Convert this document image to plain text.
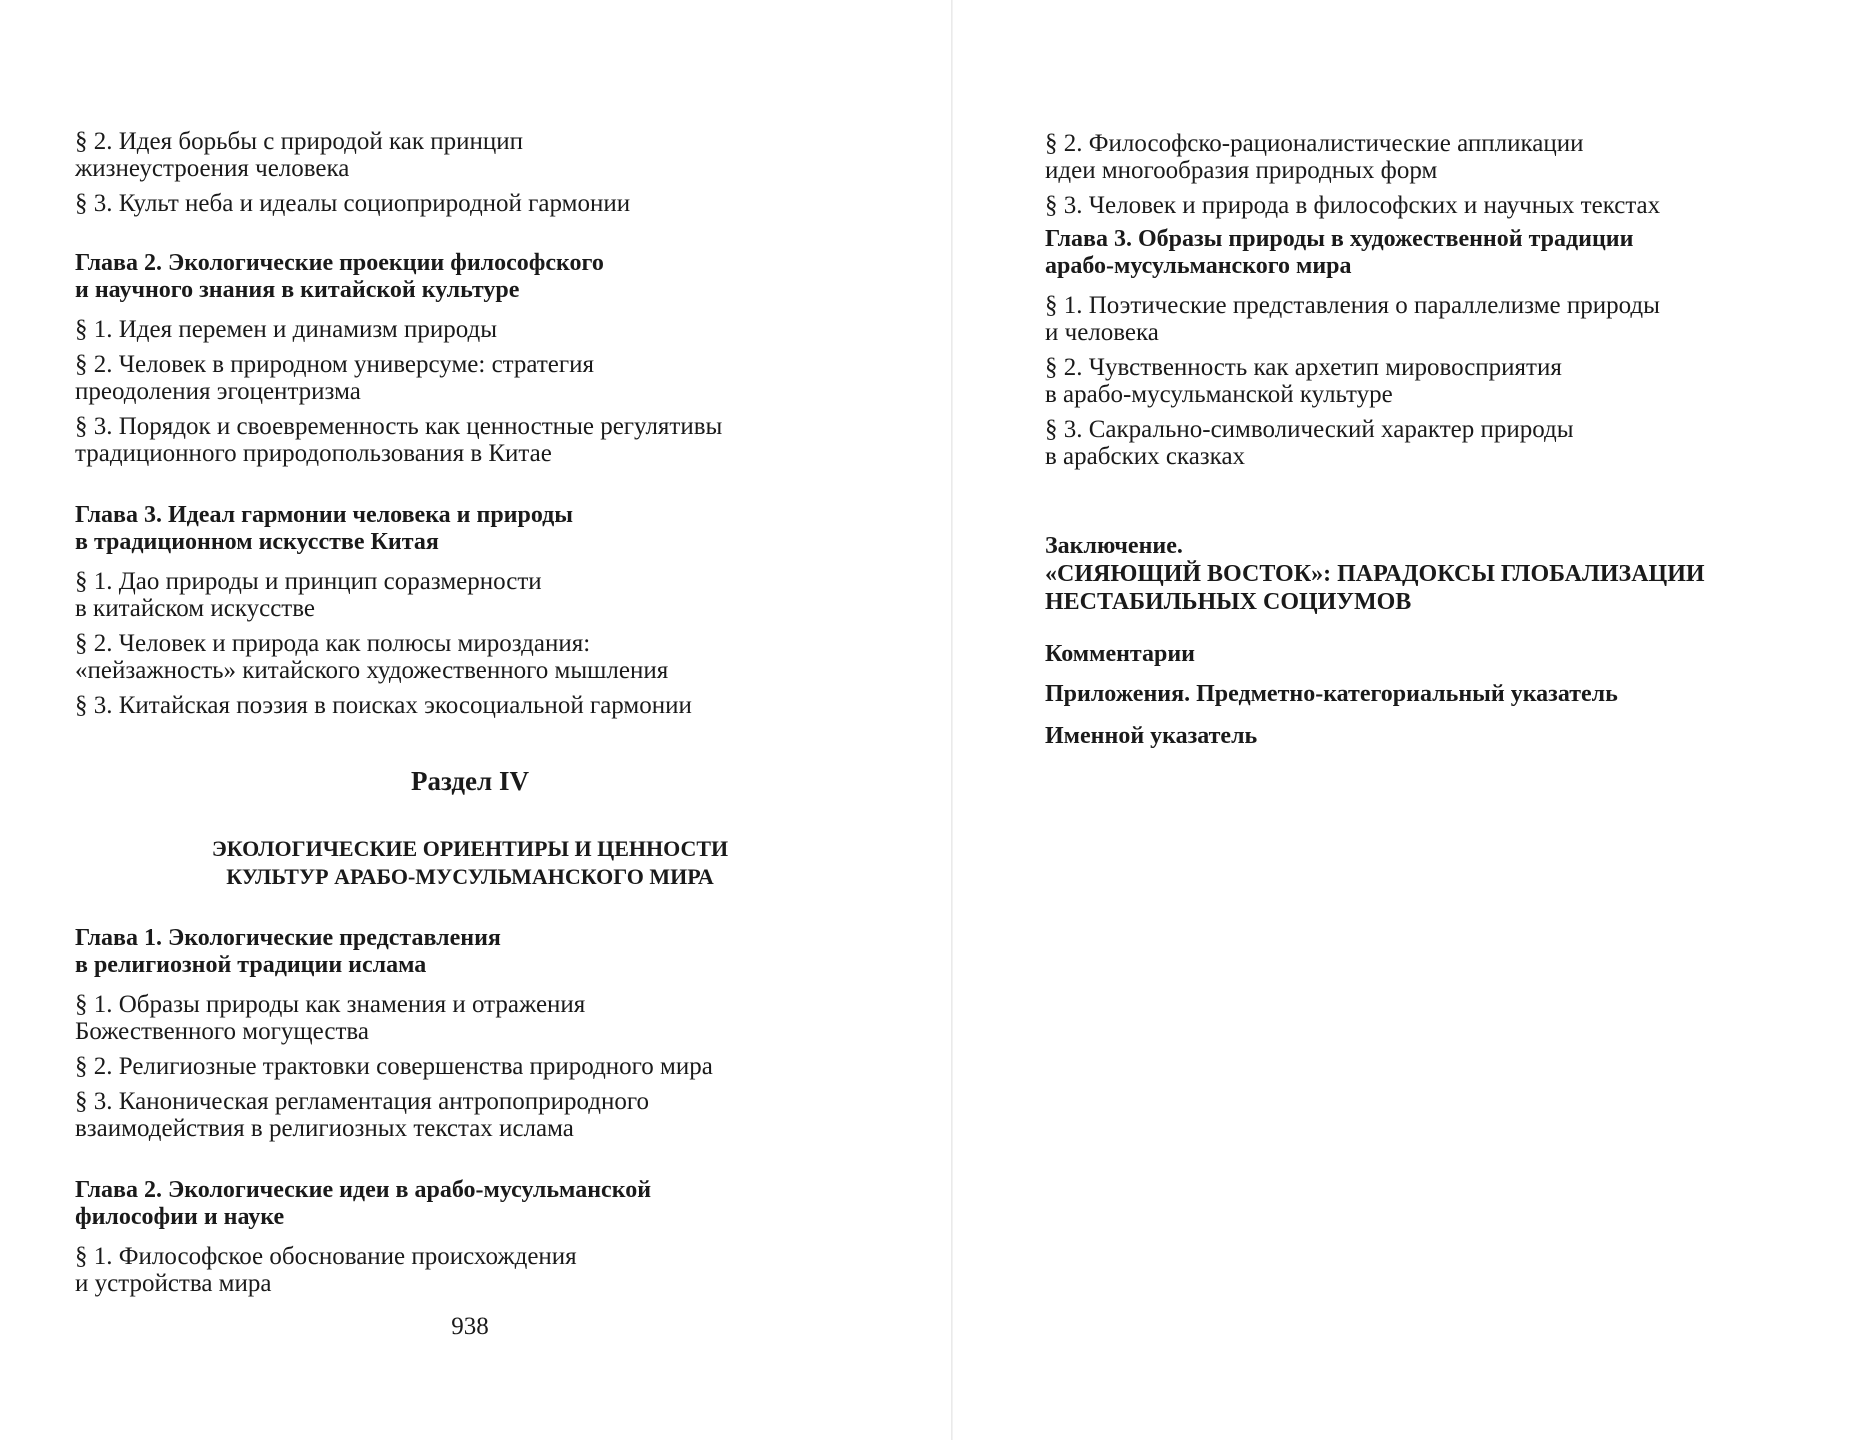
§ 2. Идея борьбы с природой как принцип
жизнеустроения человека
§ 3. Культ неба и идеалы социоприродной гармонии
Глава 2. Экологические проекции философского
и научного знания в китайской культуре
§ 1. Идея перемен и динамизм природы
§ 2. Человек в природном универсуме: стратегия
преодоления эгоцентризма
§ 3. Порядок и своевременность как ценностные регулятивы
традиционного природопользования в Китае
Глава 3. Идеал гармонии человека и природы
в традиционном искусстве Китая
§ 1. Дао природы и принцип соразмерности
в китайском искусстве
§ 2. Человек и природа как полюсы мироздания:
«пейзажность» китайского художественного мышления
§ 3. Китайская поэзия в поисках экосоциальной гармонии
Раздел IV
ЭКОЛОГИЧЕСКИЕ ОРИЕНТИРЫ И ЦЕННОСТИ
КУЛЬТУР АРАБО-МУСУЛЬМАНСКОГО МИРА
Глава 1. Экологические представления
в религиозной традиции ислама
§ 1. Образы природы как знамения и отражения
Божественного могущества
§ 2. Религиозные трактовки совершенства природного мира
§ 3. Каноническая регламентация антропоприродного
взаимодействия в религиозных текстах ислама
Глава 2. Экологические идеи в арабо-мусульманской
философии и науке
§ 1. Философское обоснование происхождения
и устройства мира
938
§ 2. Философско-рационалистические аппликации
идеи многообразия природных форм
§ 3. Человек и природа в философских и научных текстах
Глава 3. Образы природы в художественной традиции
арабо-мусульманского мира
§ 1. Поэтические представления о параллелизме природы
и человека
§ 2. Чувственность как архетип мировосприятия
в арабо-мусульманской культуре
§ 3. Сакрально-символический характер природы
в арабских сказках
Заключение.
«СИЯЮЩИЙ ВОСТОК»: ПАРАДОКСЫ ГЛОБАЛИЗАЦИИ
НЕСТАБИЛЬНЫХ СОЦИУМОВ
Комментарии
Приложения. Предметно-категориальный указатель
Именной указатель
